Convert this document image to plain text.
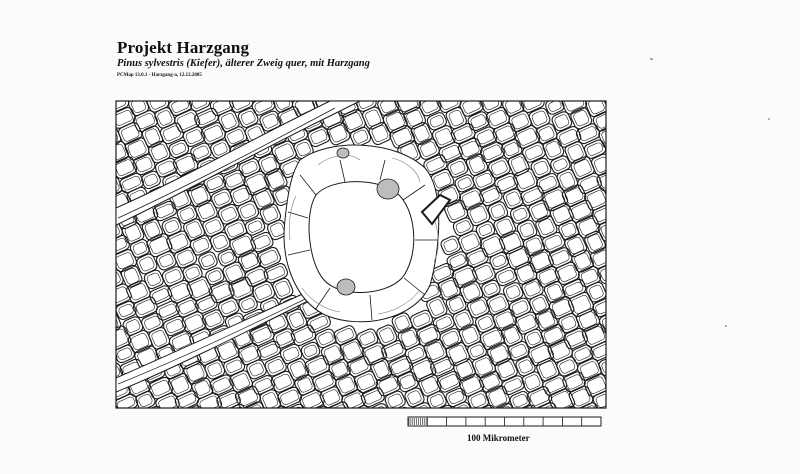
Projekt Harzgang
Pinus sylvestris (Kiefer), älterer Zweig quer, mit Harzgang
PCMap 13.0.1 - Harzgang-a, 12.12.2005
100 Mikrometer
